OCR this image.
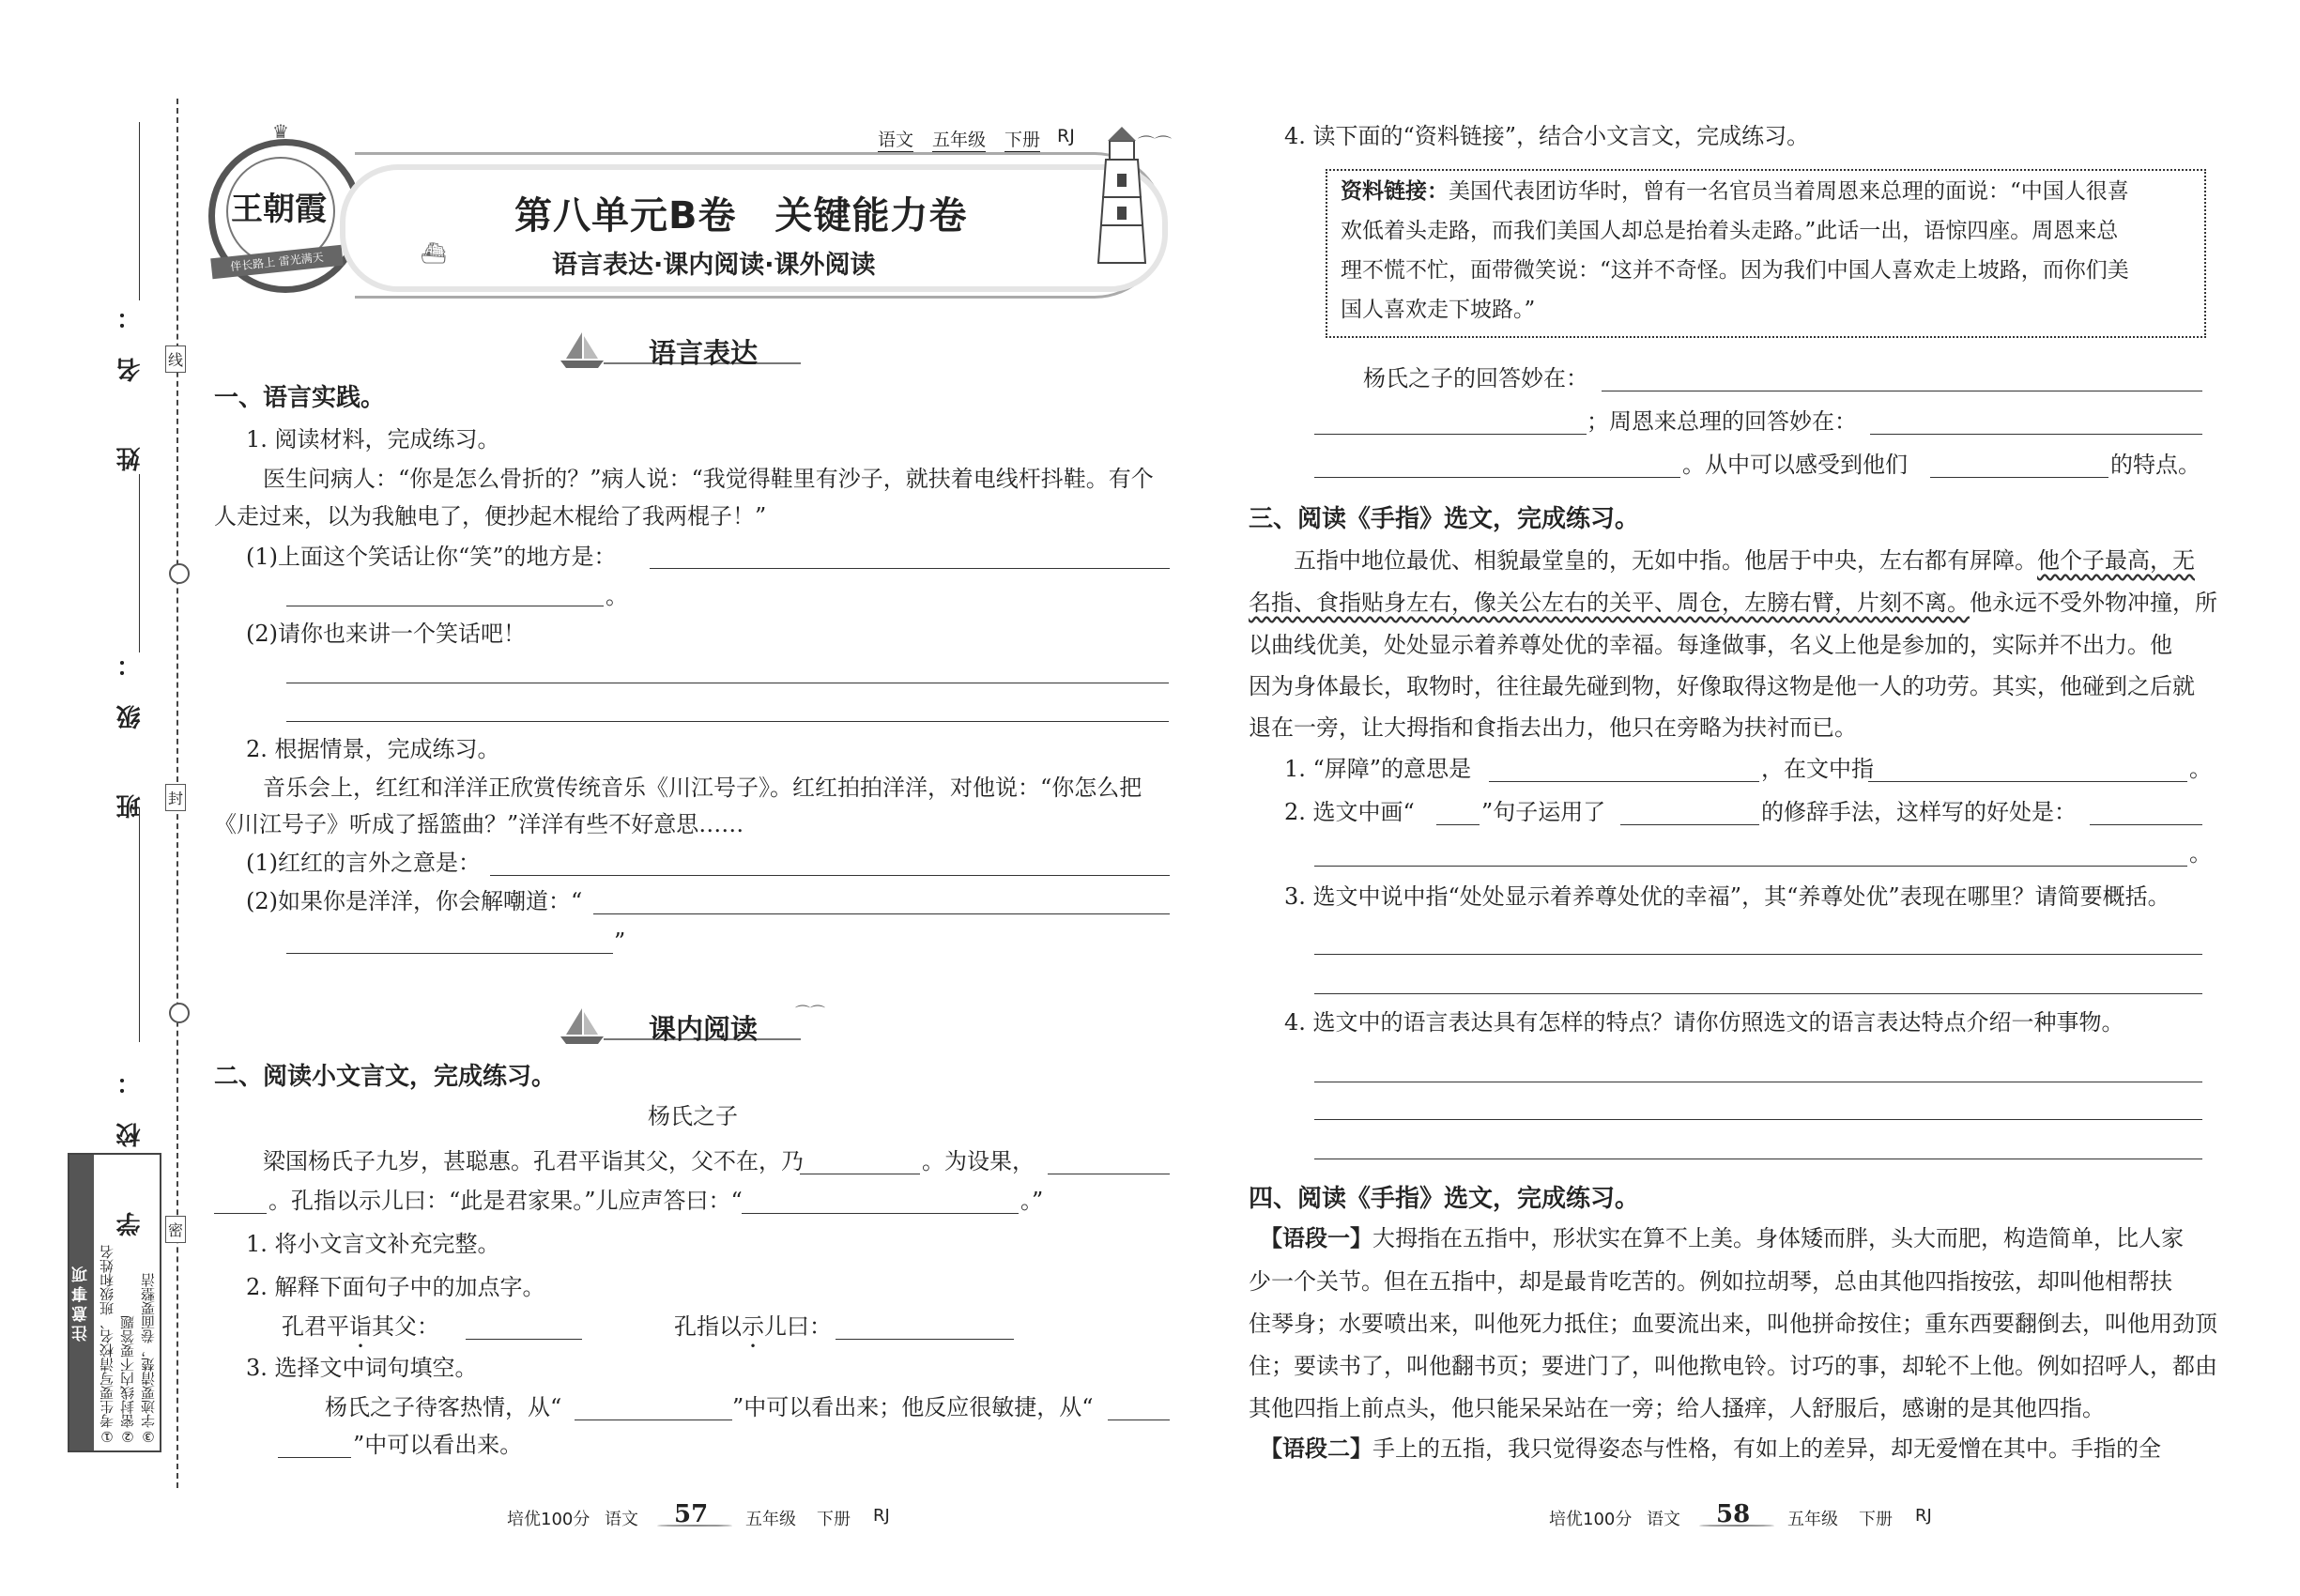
姓 名：
班 级：
学 校：
线
封
密
注意事项 ①考生要写清校名、班级和姓名 ②密封线内不要答题 ③字迹要清楚，卷面要整洁
王朝霞
伴长路上 雷光满天
♛	语文 五年级 下册 RJ
第八单元B卷　关键能力卷
语言表达·课内阅读·课外阅读
⌒⌒
⛴
语言表达
一、语言实践。
1. 阅读材料，完成练习。
医生问病人：“你是怎么骨折的？”病人说：“我觉得鞋里有沙子，就扶着电线杆抖鞋。有个
人走过来，以为我触电了，便抄起木棍给了我两棍子！”
(1)上面这个笑话让你“笑”的地方是：
。
(2)请你也来讲一个笑话吧！
2. 根据情景，完成练习。
音乐会上，红红和洋洋正欣赏传统音乐《川江号子》。红红拍拍洋洋，对他说：“你怎么把
《川江号子》听成了摇篮曲？”洋洋有些不好意思……
(1)红红的言外之意是：
(2)如果你是洋洋，你会解嘲道：“
”
课内阅读
⌒⌒
二、阅读小文言文，完成练习。
杨氏之子
梁国杨氏子九岁，甚聪惠。孔君平诣其父，父不在，乃	。为设果，
。孔指以示儿曰：“此是君家果。”儿应声答曰：“	。”
1. 将小文言文补充完整。
2. 解释下面句子中的加点字。
孔君平诣其父：	孔指以示儿曰：
3. 选择文中词句填空。
杨氏之子待客热情，从“	”中可以看出来；他反应很敏捷，从“
”中可以看出来。
培优100分 语文 57 五年级 下册 RJ
4. 读下面的“资料链接”，结合小文言文，完成练习。
资料链接：美国代表团访华时，曾有一名官员当着周恩来总理的面说：“中国人很喜
欢低着头走路，而我们美国人却总是抬着头走路。”此话一出，语惊四座。周恩来总
理不慌不忙，面带微笑说：“这并不奇怪。因为我们中国人喜欢走上坡路，而你们美
国人喜欢走下坡路。”
杨氏之子的回答妙在：
；周恩来总理的回答妙在：
。从中可以感受到他们	的特点。
三、阅读《手指》选文，完成练习。
五指中地位最优、相貌最堂皇的，无如中指。他居于中央，左右都有屏障。他个子最高，无
名指、食指贴身左右，像关公左右的关平、周仓，左膀右臂，片刻不离。他永远不受外物冲撞，所
以曲线优美，处处显示着养尊处优的幸福。每逢做事，名义上他是参加的，实际并不出力。他
因为身体最长，取物时，往往最先碰到物，好像取得这物是他一人的功劳。其实，他碰到之后就
退在一旁，让大拇指和食指去出力，他只在旁略为扶衬而已。
1. “屏障”的意思是	，在文中指	。
2. 选文中画“	”句子运用了	的修辞手法，这样写的好处是：
。
3. 选文中说中指“处处显示着养尊处优的幸福”，其“养尊处优”表现在哪里？请简要概括。
4. 选文中的语言表达具有怎样的特点？请你仿照选文的语言表达特点介绍一种事物。
四、阅读《手指》选文，完成练习。
【语段一】大拇指在五指中，形状实在算不上美。身体矮而胖，头大而肥，构造简单，比人家
少一个关节。但在五指中，却是最肯吃苦的。例如拉胡琴，总由其他四指按弦，却叫他相帮扶
住琴身；水要喷出来，叫他死力抵住；血要流出来，叫他拼命按住；重东西要翻倒去，叫他用劲顶
住；要读书了，叫他翻书页；要进门了，叫他揿电铃。讨巧的事，却轮不上他。例如招呼人，都由
其他四指上前点头，他只能呆呆站在一旁；给人搔痒，人舒服后，感谢的是其他四指。
【语段二】手上的五指，我只觉得姿态与性格，有如上的差异，却无爱憎在其中。手指的全
培优100分 语文 58 五年级 下册 RJ
